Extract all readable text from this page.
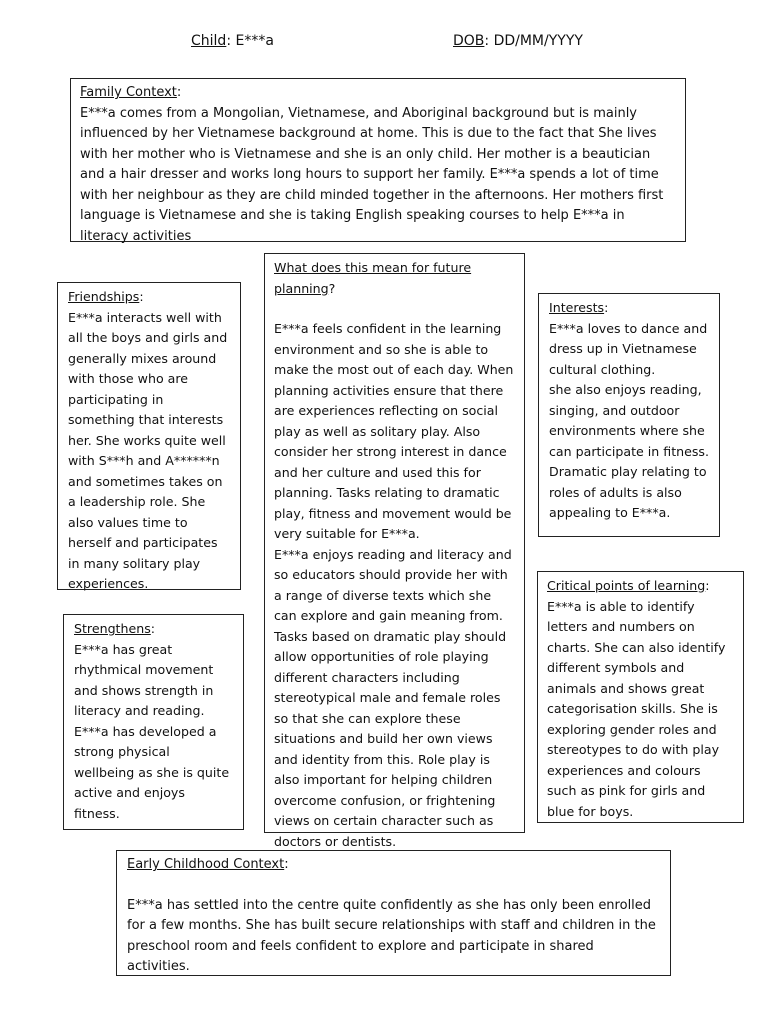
Child: E***a	DOB: DD/MM/YYYY

Family Context:

E***a comes from a Mongolian, Vietnamese, and Aboriginal background but is mainly influenced by her Vietnamese background at home. This is due to the fact that She lives with her mother who is Vietnamese and she is an only child. Her mother is a beautician and a hair dresser and works long hours to support her family. E***a spends a lot of time with her neighbour as they are child minded together in the afternoons. Her mothers first language is Vietnamese and she is taking English speaking courses to help E***a in literacy activities

Friendships:

E***a interacts well with all the boys and girls and generally mixes around with those who are participating in something that interests her. She works quite well with S***h and A******n and sometimes takes on a leadership role. She also values time to herself and participates in many solitary play experiences.

What does this mean for future planning?

E***a feels confident in the learning environment and so she is able to make the most out of each day. When planning activities ensure that there are experiences reflecting on social play as well as solitary play. Also consider her strong interest in dance and her culture and used this for planning. Tasks relating to dramatic play, fitness and movement would be very suitable for E***a.

E***a enjoys reading and literacy and so educators should provide her with a range of diverse texts which she can explore and gain meaning from. Tasks based on dramatic play should allow opportunities of role playing different characters including stereotypical male and female roles so that she can explore these situations and build her own views and identity from this. Role play is also important for helping children overcome confusion, or frightening views on certain character such as doctors or dentists.

Interests:

E***a loves to dance and dress up in Vietnamese cultural clothing.

she also enjoys reading, singing, and outdoor environments where she can participate in fitness. Dramatic play relating to roles of adults is also appealing to E***a.

Strengthens:

E***a has great rhythmical movement and shows strength in literacy and reading.

E***a has developed a strong physical wellbeing as she is quite active and enjoys fitness.

Critical points of learning:

E***a is able to identify letters and numbers on charts. She can also identify different symbols and animals and shows great categorisation skills. She is exploring gender roles and stereotypes to do with play experiences and colours such as pink for girls and blue for boys.

Early Childhood Context:

E***a has settled into the centre quite confidently as she has only been enrolled for a few months. She has built secure relationships with staff and children in the preschool room and feels confident to explore and participate in shared activities.
